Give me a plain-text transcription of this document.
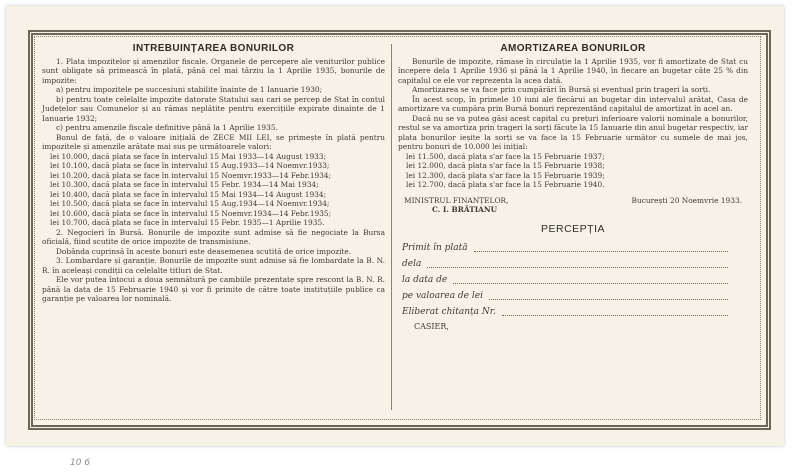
INTREBUINȚAREA BONURILOR

1. Plata impozitelor și amenzilor fiscale. Organele de percepere ale veniturilor publice sunt obligate să primească în plată, până cel mai târziu la 1 Aprilie 1935, bonurile de impozite:

a) pentru impozitele pe succesiuni stabilite înainte de 1 Ianuarie 1930;

b) pentru toate celelalte impozite datorate Statului sau cari se percep de Stat în contul Județelor sau Comunelor și au rămas neplătite pentru exercițiile expirate dinainte de 1 Ianuarie 1932;

c) pentru amenzile fiscale definitive până la 1 Aprilie 1935.

Bonul de față, de o valoare inițială de ZECE MII LEI, se primește în plată pentru impozitele și amenzile arătate mai sus pe următoarele valori:

lei 10.000, dacă plata se face în intervalul 15 Mai 1933—14 August 1933;
lei 10.100, dacă plata se face în intervalul 15 Aug.1933—14 Noemvr.1933;
lei 10.200, dacă plata se face în intervalul 15 Noemvr.1933—14 Febr.1934;
lei 10.300, dacă plata se face în intervalul 15 Febr. 1934—14 Mai 1934;
lei 10.400, dacă plata se face în intervalul 15 Mai 1934—14 August 1934;
lei 10.500, dacă plata se face în intervalul 15 Aug.1934—14 Noemvr.1934;
lei 10.600, dacă plata se face în intervalul 15 Noemvr.1934—14 Febr.1935;
lei 10.700, dacă plata se face în intervalul 15 Febr. 1935—1 Aprilie 1935.

2. Negocieri în Bursă. Bonurile de impozite sunt admise să fie negociate la Bursa oficială, fiind scutite de orice impozite de transmisiune.

Dobânda cuprinsă în aceste bonuri este deasemenea scutită de orice impozite.

3. Lombardare și garanție. Bonurile de impozite sunt admise să fie lombardate la B. N. R. în aceleași condiții ca celelalte titluri de Stat.

Ele vor putea întocui a doua semnătură pe cambiile prezentate spre rescont la B. N. R. până la data de 15 Februarie 1940 și vor fi primite de către toate instituțiile publice ca garanție pe valoarea lor nominală.

AMORTIZAREA BONURILOR

Bonurile de impozite, rămase în circulație la 1 Aprilie 1935, vor fi amortizate de Stat cu începere dela 1 Aprilie 1936 și până la 1 Aprilie 1940, în fiecare an bugetar câte 25 % din capitalul ce ele vor reprezenta la acea dată.

Amortizarea se va face prin cumpărări în Bursă și eventual prin trageri la sorți.

În acest scop, în primele 10 iuni ale fiecărui an bugetar din intervalul arătat, Casa de amortizare va cumpăra prin Bursă bonuri reprezentând capitalul de amortizat în acel an.

Dacă nu se va putea găsi acest capital cu prețuri inferioare valorii nominale a bonurilor, restul se va amortiza prin trageri la sorți făcute la 15 Ianuarie din anul bugetar respectiv, iar plata bonurilor ieșite la sorți se va face la 15 Februarie următor cu sumele de mai jos, pentru bonuri de 10.000 lei inițial:

lei 11.500, dacă plata s'ar face la 15 Februarie 1937;
lei 12.000, dacă plata s'ar face la 15 Februarie 1938;
lei 12.300, dacă plata s'ar face la 15 Februarie 1939;
lei 12.700, dacă plata s'ar face la 15 Februarie 1940.
MINISTRUL FINANȚELOR,	București 20 Noemvrie 1933.
C. I. BRĂTIANU
PERCEPȚIA
Primit în plată
dela
la data de
pe valoarea de lei
Eliberat chitanța Nr.
CASIER,
10 6
